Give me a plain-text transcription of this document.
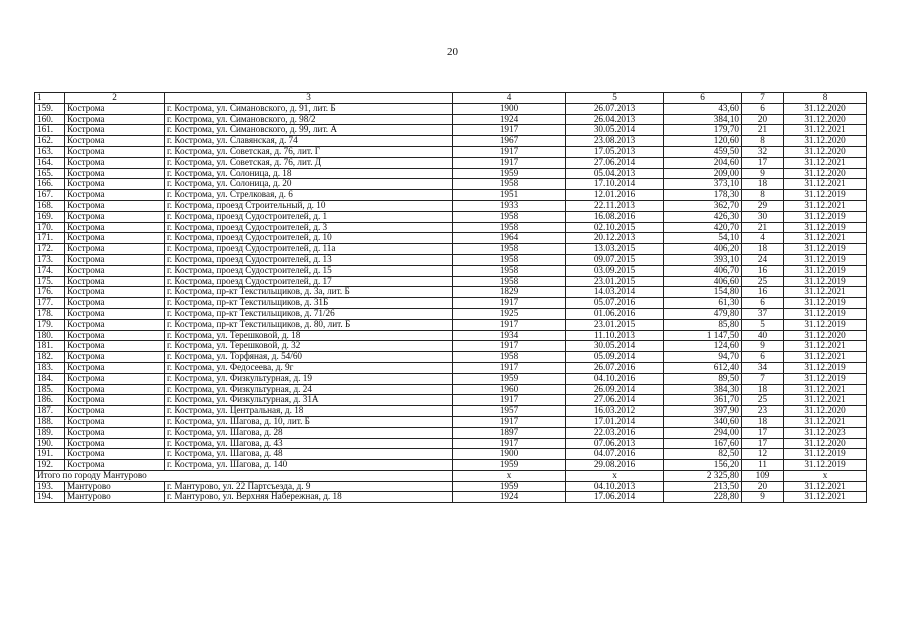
20
1	2	3	4	5	6	7	8
159.	Кострома	г. Кострома, ул. Симановского, д. 91, лит. Б	1900	26.07.2013	43,60	6	31.12.2020
160.	Кострома	г. Кострома, ул. Симановского, д. 98/2	1924	26.04.2013	384,10	20	31.12.2020
161.	Кострома	г. Кострома, ул. Симановского, д. 99, лит. А	1917	30.05.2014	179,70	21	31.12.2021
162.	Кострома	г. Кострома, ул. Славянская, д. 74	1967	23.08.2013	120,60	8	31.12.2020
163.	Кострома	г. Кострома, ул. Советская, д. 76, лит. Г	1917	17.05.2013	459,50	32	31.12.2020
164.	Кострома	г. Кострома, ул. Советская, д. 76, лит. Д	1917	27.06.2014	204,60	17	31.12.2021
165.	Кострома	г. Кострома, ул. Солоница, д. 18	1959	05.04.2013	209,00	9	31.12.2020
166.	Кострома	г. Кострома, ул. Солоница, д. 20	1958	17.10.2014	373,10	18	31.12.2021
167.	Кострома	г. Кострома, ул. Стрелковая, д. 6	1951	12.01.2016	178,30	8	31.12.2019
168.	Кострома	г. Кострома, проезд Строительный, д. 10	1933	22.11.2013	362,70	29	31.12.2021
169.	Кострома	г. Кострома, проезд Судостроителей, д. 1	1958	16.08.2016	426,30	30	31.12.2019
170.	Кострома	г. Кострома, проезд Судостроителей, д. 3	1958	02.10.2015	420,70	21	31.12.2019
171.	Кострома	г. Кострома, проезд Судостроителей, д. 10	1964	20.12.2013	54,10	4	31.12.2021
172.	Кострома	г. Кострома, проезд Судостроителей, д. 11а	1958	13.03.2015	406,20	18	31.12.2019
173.	Кострома	г. Кострома, проезд Судостроителей, д. 13	1958	09.07.2015	393,10	24	31.12.2019
174.	Кострома	г. Кострома, проезд Судостроителей, д. 15	1958	03.09.2015	406,70	16	31.12.2019
175.	Кострома	г. Кострома, проезд Судостроителей, д. 17	1958	23.01.2015	406,60	25	31.12.2019
176.	Кострома	г. Кострома, пр-кт Текстильщиков, д. 3а, лит. Б	1829	14.03.2014	154,80	16	31.12.2021
177.	Кострома	г. Кострома, пр-кт Текстильщиков, д. 31Б	1917	05.07.2016	61,30	6	31.12.2019
178.	Кострома	г. Кострома, пр-кт Текстильщиков, д. 71/26	1925	01.06.2016	479,80	37	31.12.2019
179.	Кострома	г. Кострома, пр-кт Текстильщиков, д. 80, лит. Б	1917	23.01.2015	85,80	5	31.12.2019
180.	Кострома	г. Кострома, ул. Терешковой, д. 18	1934	11.10.2013	1 147,50	40	31.12.2020
181.	Кострома	г. Кострома, ул. Терешковой, д. 32	1917	30.05.2014	124,60	9	31.12.2021
182.	Кострома	г. Кострома, ул. Торфяная, д. 54/60	1958	05.09.2014	94,70	6	31.12.2021
183.	Кострома	г. Кострома, ул. Федосеева, д. 9г	1917	26.07.2016	612,40	34	31.12.2019
184.	Кострома	г. Кострома, ул. Физкультурная, д. 19	1959	04.10.2016	89,50	7	31.12.2019
185.	Кострома	г. Кострома, ул. Физкультурная, д. 24	1960	26.09.2014	384,30	18	31.12.2021
186.	Кострома	г. Кострома, ул. Физкультурная, д. 31А	1917	27.06.2014	361,70	25	31.12.2021
187.	Кострома	г. Кострома, ул. Центральная, д. 18	1957	16.03.2012	397,90	23	31.12.2020
188.	Кострома	г. Кострома, ул. Шагова, д. 10, лит. Б	1917	17.01.2014	340,60	18	31.12.2021
189.	Кострома	г. Кострома, ул. Шагова, д. 28	1897	22.03.2016	294,00	17	31.12.2023
190.	Кострома	г. Кострома, ул. Шагова, д. 43	1917	07.06.2013	167,60	17	31.12.2020
191.	Кострома	г. Кострома, ул. Шагова, д. 48	1900	04.07.2016	82,50	12	31.12.2019
192.	Кострома	г. Кострома, ул. Шагова, д. 140	1959	29.08.2016	156,20	11	31.12.2019
Итого по городу Мантурово			x	x	2 325,80	109	x
193.	Мантурово	г. Мантурово, ул. 22 Партсъезда, д. 9	1959	04.10.2013	213,50	20	31.12.2021
194.	Мантурово	г. Мантурово, ул. Верхняя Набережная, д. 18	1924	17.06.2014	228,80	9	31.12.2021
